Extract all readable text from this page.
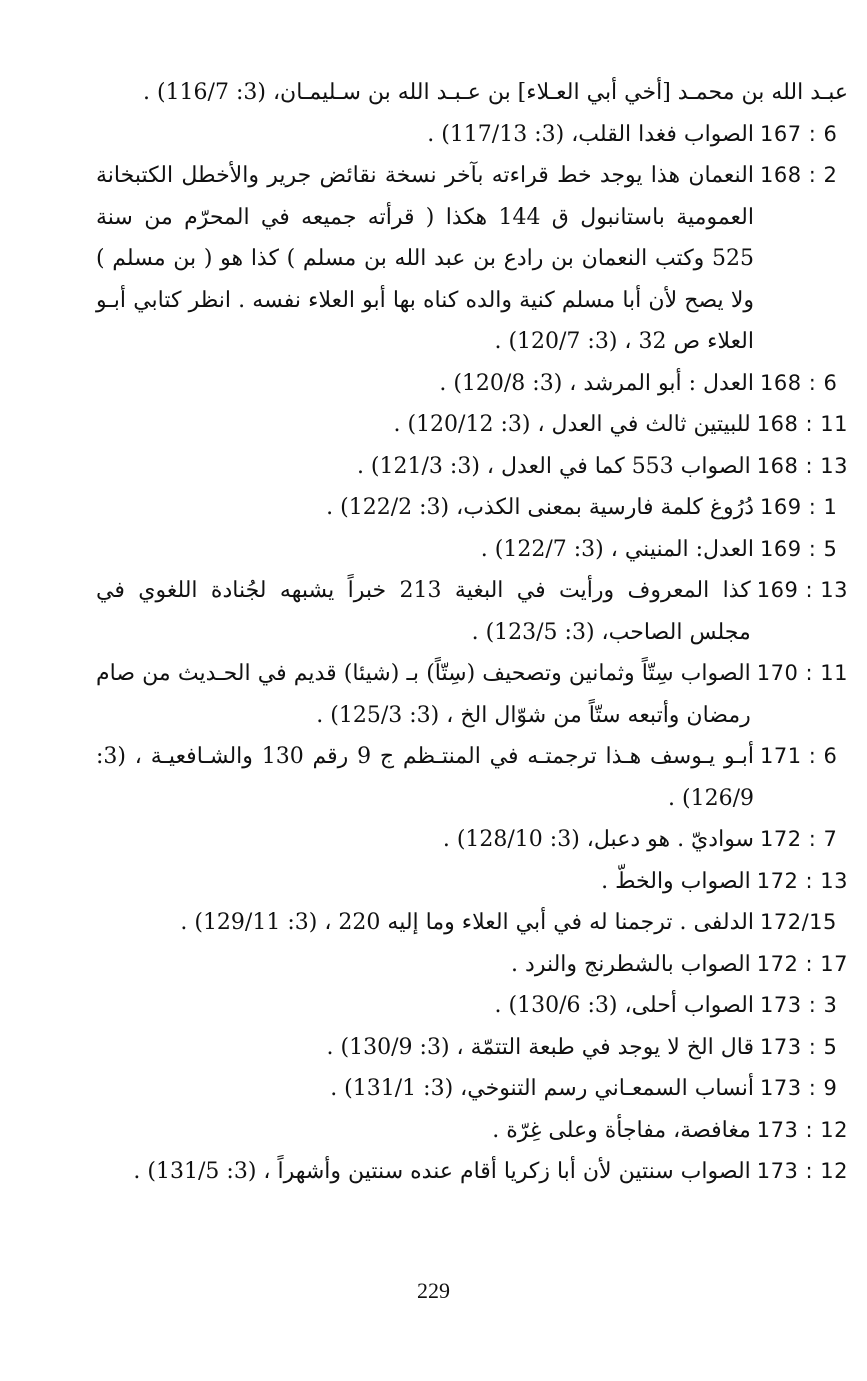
عبـد الله بن محمـد [أخي أبي العـلاء] بن عـبـد الله بن سـليمـان، (3: 116/7) .
167 : 6
الصواب فغدا القلب، (3: 117/13) .
168 : 2
النعمان هذا يوجد خط قراءته بآخر نسخة نقائض جرير والأخطل الكتبخانة العمومية باستانبول ق 144 هكذا ( قرأته جميعه في المحرّم من سنة 525 وكتب النعمان بن رادع بن عبد الله بن مسلم ) كذا هو ( بن مسلم ) ولا يصح لأن أبا مسلم كنية والده كناه بها أبو العلاء نفسه . انظر كتابي أبـو العلاء ص 32 ، (3: 120/7) .
168 : 6
العدل : أبو المرشد ، (3: 120/8) .
168 : 11
للبيتين ثالث في العدل ، (3: 120/12) .
168 : 13
الصواب 553 كما في العدل ، (3: 121/3) .
169 : 1
دُرُوغ كلمة فارسية بمعنى الكذب، (3: 122/2) .
169 : 5
العدل: المنيني ، (3: 122/7) .
169 : 13
كذا المعروف ورأيت في البغية 213 خبراً يشبهه لجُنادة اللغوي في مجلس الصاحب، (3: 123/5) .
170 : 11
الصواب سِتّاً وثمانين وتصحيف (سِتّاً) بـ (شيئا) قديم في الحـديث من صام رمضان وأتبعه ستّاً من شوّال الخ ، (3: 125/3) .
171 : 6
أبـو يـوسف هـذا ترجمتـه في المنتـظم ج 9 رقم 130 والشـافعيـة ، (3: 126/9) .
172 : 7
سواديّ . هو دعبل، (3: 128/10) .
172 : 13
الصواب والخطّ .
172/15
الدلفى . ترجمنا له في أبي العلاء وما إليه 220 ، (3: 129/11) .
172 : 17
الصواب بالشطرنج والنرد .
173 : 3
الصواب أحلى، (3: 130/6) .
173 : 5
قال الخ لا يوجد في طبعة التتمّة ، (3: 130/9) .
173 : 9
أنساب السمعـاني رسم التنوخي، (3: 131/1) .
173 : 12
مغافصة، مفاجأة وعلى غِرّة .
173 : 12
الصواب سنتين لأن أبا زكريا أقام عنده سنتين وأشهراً ، (3: 131/5) .
229
